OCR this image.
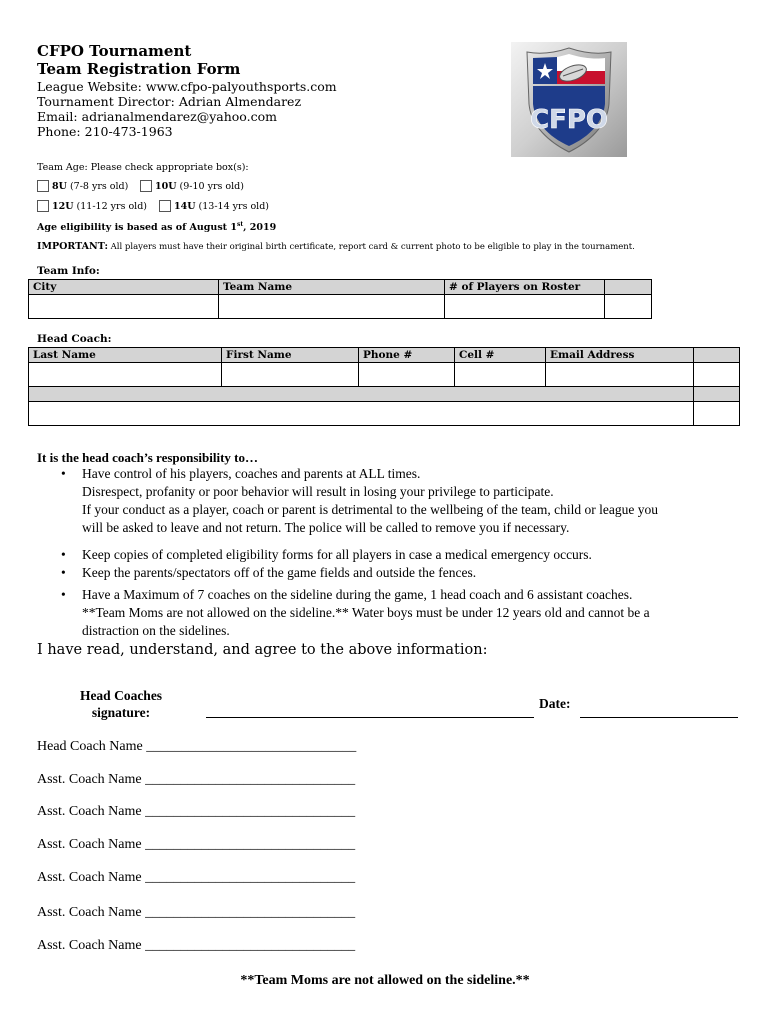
CFPO Tournament
Team Registration Form
League Website: www.cfpo-palyouthsports.com
Tournament Director: Adrian Almendarez
Email: adrianalmendarez@yahoo.com
Phone: 210-473-1963	CFPO
Team Age: Please check appropriate box(s):
8U
(7-8 yrs old)	10U
(9-10 yrs old)
12U
(11-12 yrs old)	14U
(13-14 yrs old)
Age eligibility is based as of August 1st, 2019
IMPORTANT: All players must have their original birth certificate, report card & current photo to be eligible to play in the tournament.
Team Info:
City	Team Name	# of Players on Roster	

Head Coach:
Last Name	First Name	Phone #	Cell #	Email Address	

It is the head coach’s responsibility to…
• Have control of his players, coaches and parents at ALL times.
Disrespect, profanity or poor behavior will result in losing your privilege to participate.
If your conduct as a player, coach or parent is detrimental to the wellbeing of the team, child or league you
will be asked to leave and not return. The police will be called to remove you if necessary.
• Keep copies of completed eligibility forms for all players in case a medical emergency occurs.
• Keep the parents/spectators off of the game fields and outside the fences.
• Have a Maximum of 7 coaches on the sideline during the game, 1 head coach and 6 assistant coaches.
**Team Moms are not allowed on the sideline.** Water boys must be under 12 years old and cannot be a
distraction on the sidelines.
I have read, understand, and agree to the above information:
Head Coaches
signature:
Date:
Head Coach Name ______________________________
Asst. Coach Name ______________________________
Asst. Coach Name ______________________________
Asst. Coach Name ______________________________
Asst. Coach Name ______________________________
Asst. Coach Name ______________________________
Asst. Coach Name ______________________________
**Team Moms are not allowed on the sideline.**
